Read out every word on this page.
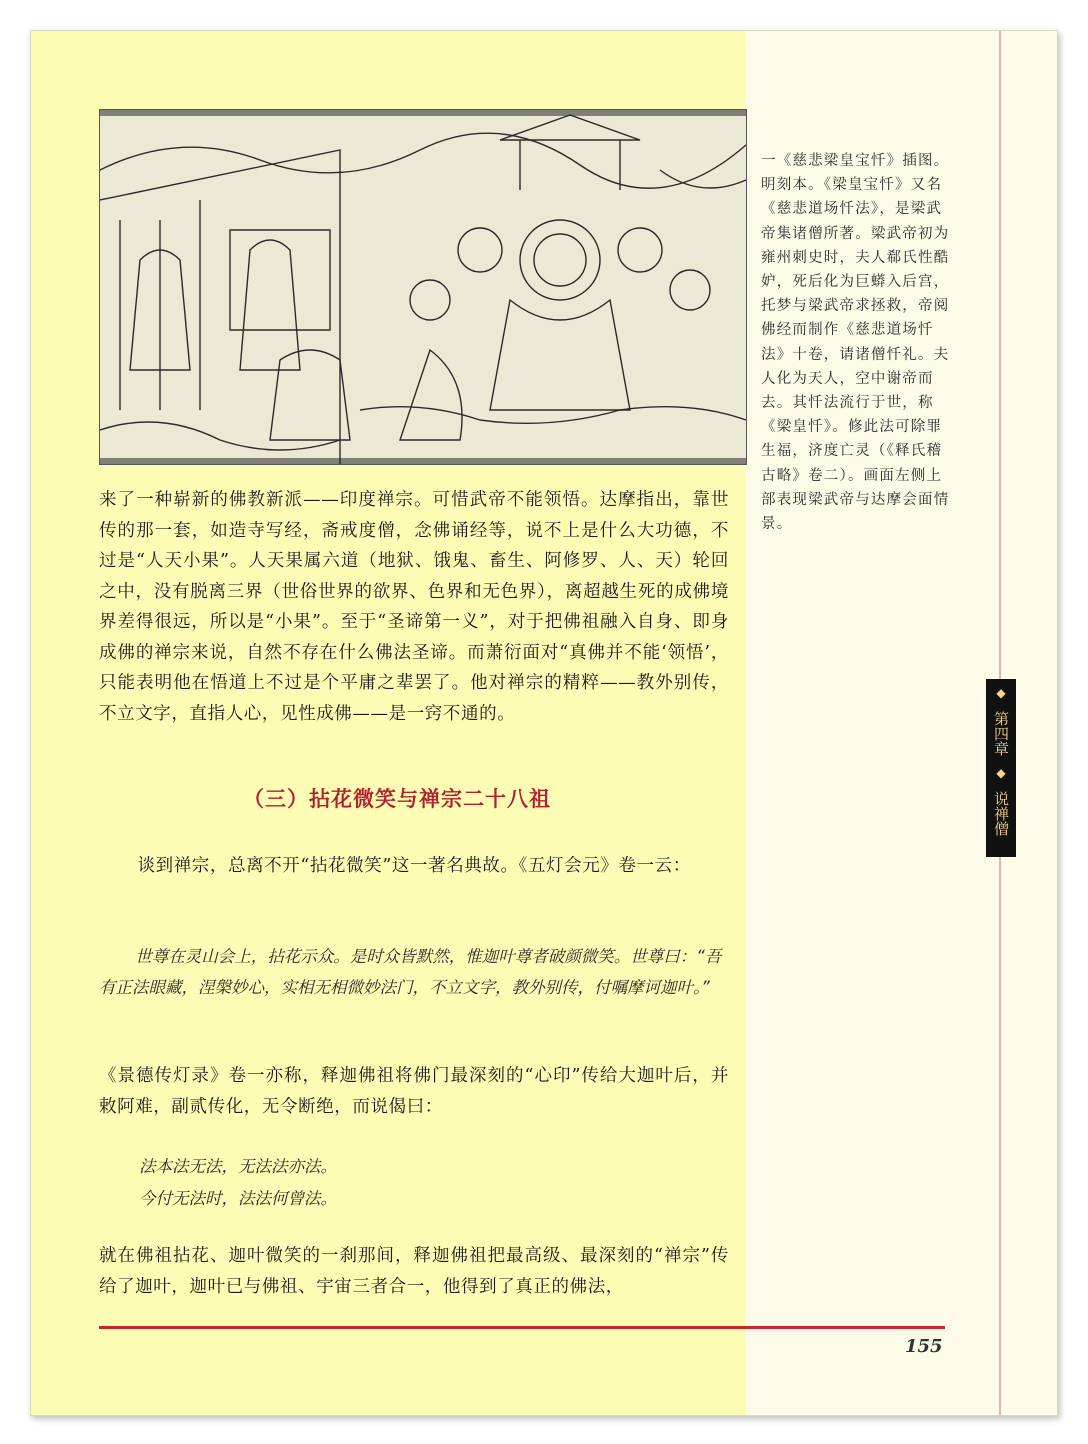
一《慈悲梁皇宝忏》插图。明刻本。《梁皇宝忏》又名《慈悲道场忏法》，是梁武帝集诸僧所著。梁武帝初为雍州刺史时，夫人郗氏性酷妒，死后化为巨蟒入后宫，托梦与梁武帝求拯救，帝阅佛经而制作《慈悲道场忏法》十卷，请诸僧忏礼。夫人化为天人，空中谢帝而去。其忏法流行于世，称《梁皇忏》。修此法可除罪生福，济度亡灵（《释氏稽古略》卷二）。画面左侧上部表现梁武帝与达摩会面情景。

来了一种崭新的佛教新派——印度禅宗。可惜武帝不能领悟。达摩指出，靠世传的那一套，如造寺写经，斋戒度僧，念佛诵经等，说不上是什么大功德，不过是“人天小果”。人天果属六道（地狱、饿鬼、畜生、阿修罗、人、天）轮回之中，没有脱离三界（世俗世界的欲界、色界和无色界），离超越生死的成佛境界差得很远，所以是“小果”。至于“圣谛第一义”，对于把佛祖融入自身、即身成佛的禅宗来说，自然不存在什么佛法圣谛。而萧衍面对“真佛并不能‘领悟’，只能表明他在悟道上不过是个平庸之辈罢了。他对禅宗的精粹——教外别传，不立文字，直指人心，见性成佛——是一窍不通的。

（三）拈花微笑与禅宗二十八祖

谈到禅宗，总离不开“拈花微笑”这一著名典故。《五灯会元》卷一云：

世尊在灵山会上，拈花示众。是时众皆默然，惟迦叶尊者破颜微笑。世尊曰：“吾有正法眼藏，涅槃妙心，实相无相微妙法门，不立文字，教外别传，付嘱摩诃迦叶。”

《景德传灯录》卷一亦称，释迦佛祖将佛门最深刻的“心印”传给大迦叶后，并敕阿难，副贰传化，无令断绝，而说偈曰：

法本法无法，无法法亦法。

今付无法时，法法何曾法。

就在佛祖拈花、迦叶微笑的一刹那间，释迦佛祖把最高级、最深刻的“禅宗”传给了迦叶，迦叶已与佛祖、宇宙三者合一，他得到了真正的佛法，

◆
第四章
◆
说禅僧
155
